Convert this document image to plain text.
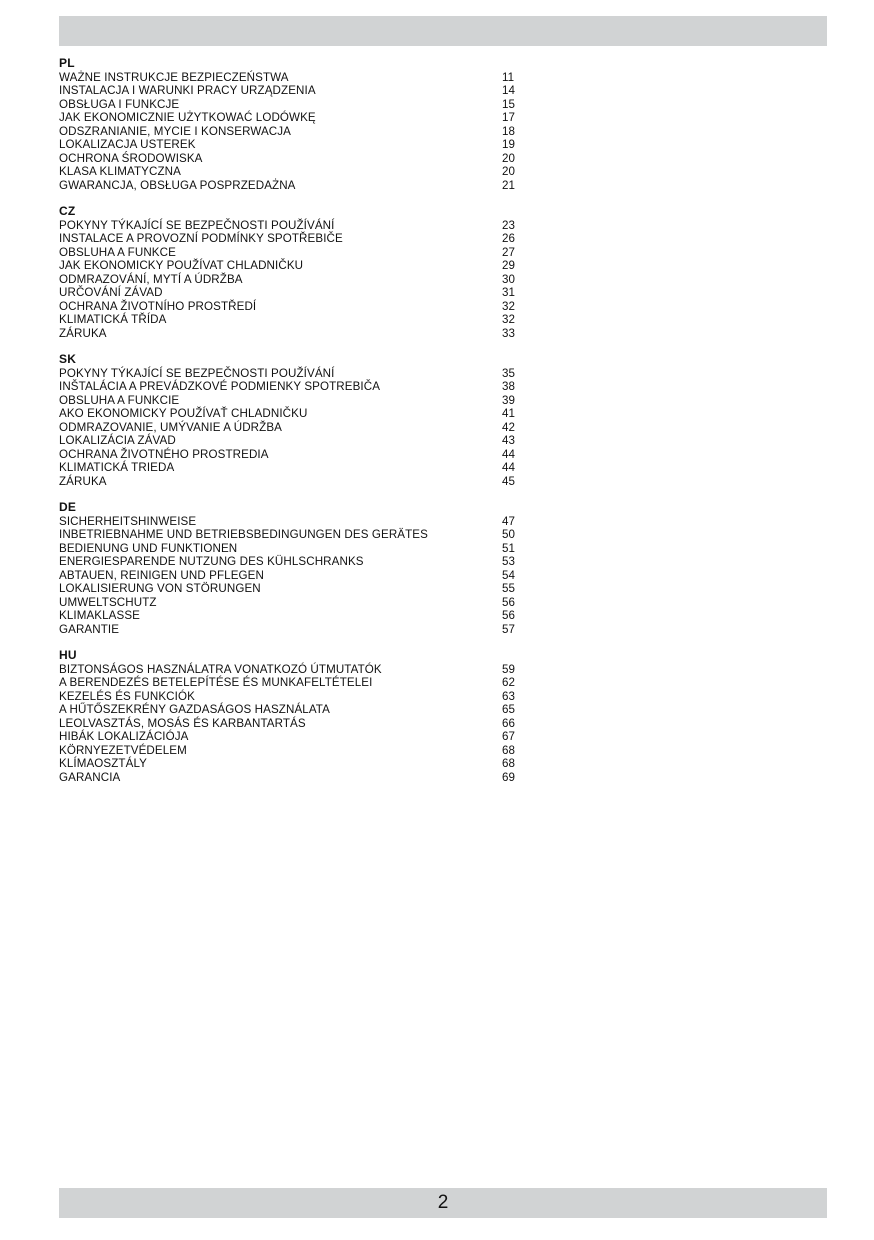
PL
WAŻNE INSTRUKCJE BEZPIECZEŃSTWA	11
INSTALACJA I WARUNKI PRACY URZĄDZENIA	14
OBSŁUGA I FUNKCJE	15
JAK EKONOMICZNIE UŻYTKOWAĆ LODÓWKĘ	17
ODSZRANIANIE, MYCIE I KONSERWACJA	18
LOKALIZACJA USTEREK	19
OCHRONA ŚRODOWISKA	20
KLASA KLIMATYCZNA	20
GWARANCJA, OBSŁUGA POSPRZEDAŻNA	21
CZ
POKYNY TÝKAJÍCÍ SE BEZPEČNOSTI POUŽÍVÁNÍ	23
INSTALACE A PROVOZNÍ PODMÍNKY SPOTŘEBIČE	26
OBSLUHA A FUNKCE	27
JAK EKONOMICKY POUŽÍVAT CHLADNIČKU	29
ODMRAZOVÁNÍ, MYTÍ A ÚDRŽBA	30
URČOVÁNÍ ZÁVAD	31
OCHRANA ŽIVOTNÍHO PROSTŘEDÍ	32
KLIMATICKÁ TŘÍDA	32
ZÁRUKA	33
SK
POKYNY TÝKAJÍCÍ SE BEZPEČNOSTI POUŽÍVÁNÍ	35
INŠTALÁCIA A PREVÁDZKOVÉ PODMIENKY SPOTREBIČA	38
OBSLUHA A FUNKCIE	39
AKO EKONOMICKY POUŽÍVAŤ CHLADNIČKU	41
ODMRAZOVANIE, UMÝVANIE A ÚDRŽBA	42
LOKALIZÁCIA ZÁVAD	43
OCHRANA ŽIVOTNÉHO PROSTREDIA	44
KLIMATICKÁ TRIEDA	44
ZÁRUKA	45
DE
SICHERHEITSHINWEISE	47
INBETRIEBNAHME UND BETRIEBSBEDINGUNGEN DES GERÄTES	50
BEDIENUNG UND FUNKTIONEN	51
ENERGIESPARENDE NUTZUNG DES KÜHLSCHRANKS	53
ABTAUEN, REINIGEN UND PFLEGEN	54
LOKALISIERUNG VON STÖRUNGEN	55
UMWELTSCHUTZ	56
KLIMAKLASSE	56
GARANTIE	57
HU
BIZTONSÁGOS HASZNÁLATRA VONATKOZÓ ÚTMUTATÓK	59
A BERENDEZÉS BETELEPÍTÉSE ÉS MUNKAFELTÉTELEI	62
KEZELÉS ÉS FUNKCIÓK	63
A HŰTŐSZEKRÉNY GAZDASÁGOS HASZNÁLATA	65
LEOLVASZTÁS, MOSÁS ÉS KARBANTARTÁS	66
HIBÁK LOKALIZÁCIÓJA	67
KÖRNYEZETVÉDELEM	68
KLÍMAOSZTÁLY	68
GARANCIA	69
2
